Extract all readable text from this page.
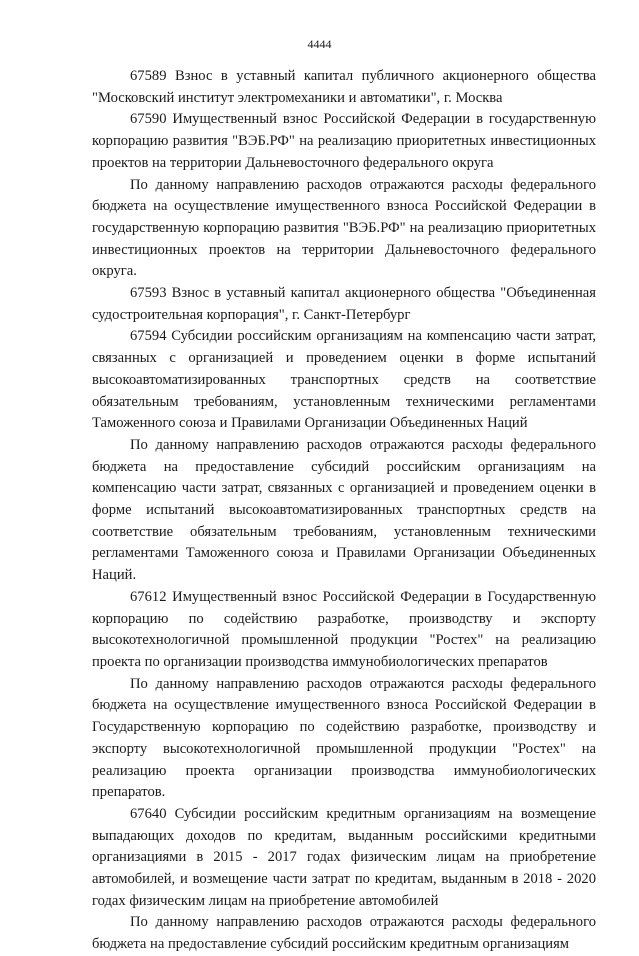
4444

67589 Взнос в уставный капитал публичного акционерного общества "Московский институт электромеханики и автоматики", г. Москва

67590 Имущественный взнос Российской Федерации в государственную корпорацию развития "ВЭБ.РФ" на реализацию приоритетных инвестиционных проектов на территории Дальневосточного федерального округа

По данному направлению расходов отражаются расходы федерального бюджета на осуществление имущественного взноса Российской Федерации в государственную корпорацию развития "ВЭБ.РФ" на реализацию приоритетных инвестиционных проектов на территории Дальневосточного федерального округа.

67593 Взнос в уставный капитал акционерного общества "Объединенная судостроительная корпорация", г. Санкт-Петербург

67594 Субсидии российским организациям на компенсацию части затрат, связанных с организацией и проведением оценки в форме испытаний высокоавтоматизированных транспортных средств на соответствие обязательным требованиям, установленным техническими регламентами Таможенного союза и Правилами Организации Объединенных Наций

По данному направлению расходов отражаются расходы федерального бюджета на предоставление субсидий российским организациям на компенсацию части затрат, связанных с организацией и проведением оценки в форме испытаний высокоавтоматизированных транспортных средств на соответствие обязательным требованиям, установленным техническими регламентами Таможенного союза и Правилами Организации Объединенных Наций.

67612 Имущественный взнос Российской Федерации в Государственную корпорацию по содействию разработке, производству и экспорту высокотехнологичной промышленной продукции "Ростех" на реализацию проекта по организации производства иммунобиологических препаратов

По данному направлению расходов отражаются расходы федерального бюджета на осуществление имущественного взноса Российской Федерации в Государственную корпорацию по содействию разработке, производству и экспорту высокотехнологичной промышленной продукции "Ростех" на реализацию проекта организации производства иммунобиологических препаратов.

67640 Субсидии российским кредитным организациям на возмещение выпадающих доходов по кредитам, выданным российскими кредитными организациями в 2015 - 2017 годах физическим лицам на приобретение автомобилей, и возмещение части затрат по кредитам, выданным в 2018 - 2020 годах физическим лицам на приобретение автомобилей

По данному направлению расходов отражаются расходы федерального бюджета на предоставление субсидий российским кредитным организациям
